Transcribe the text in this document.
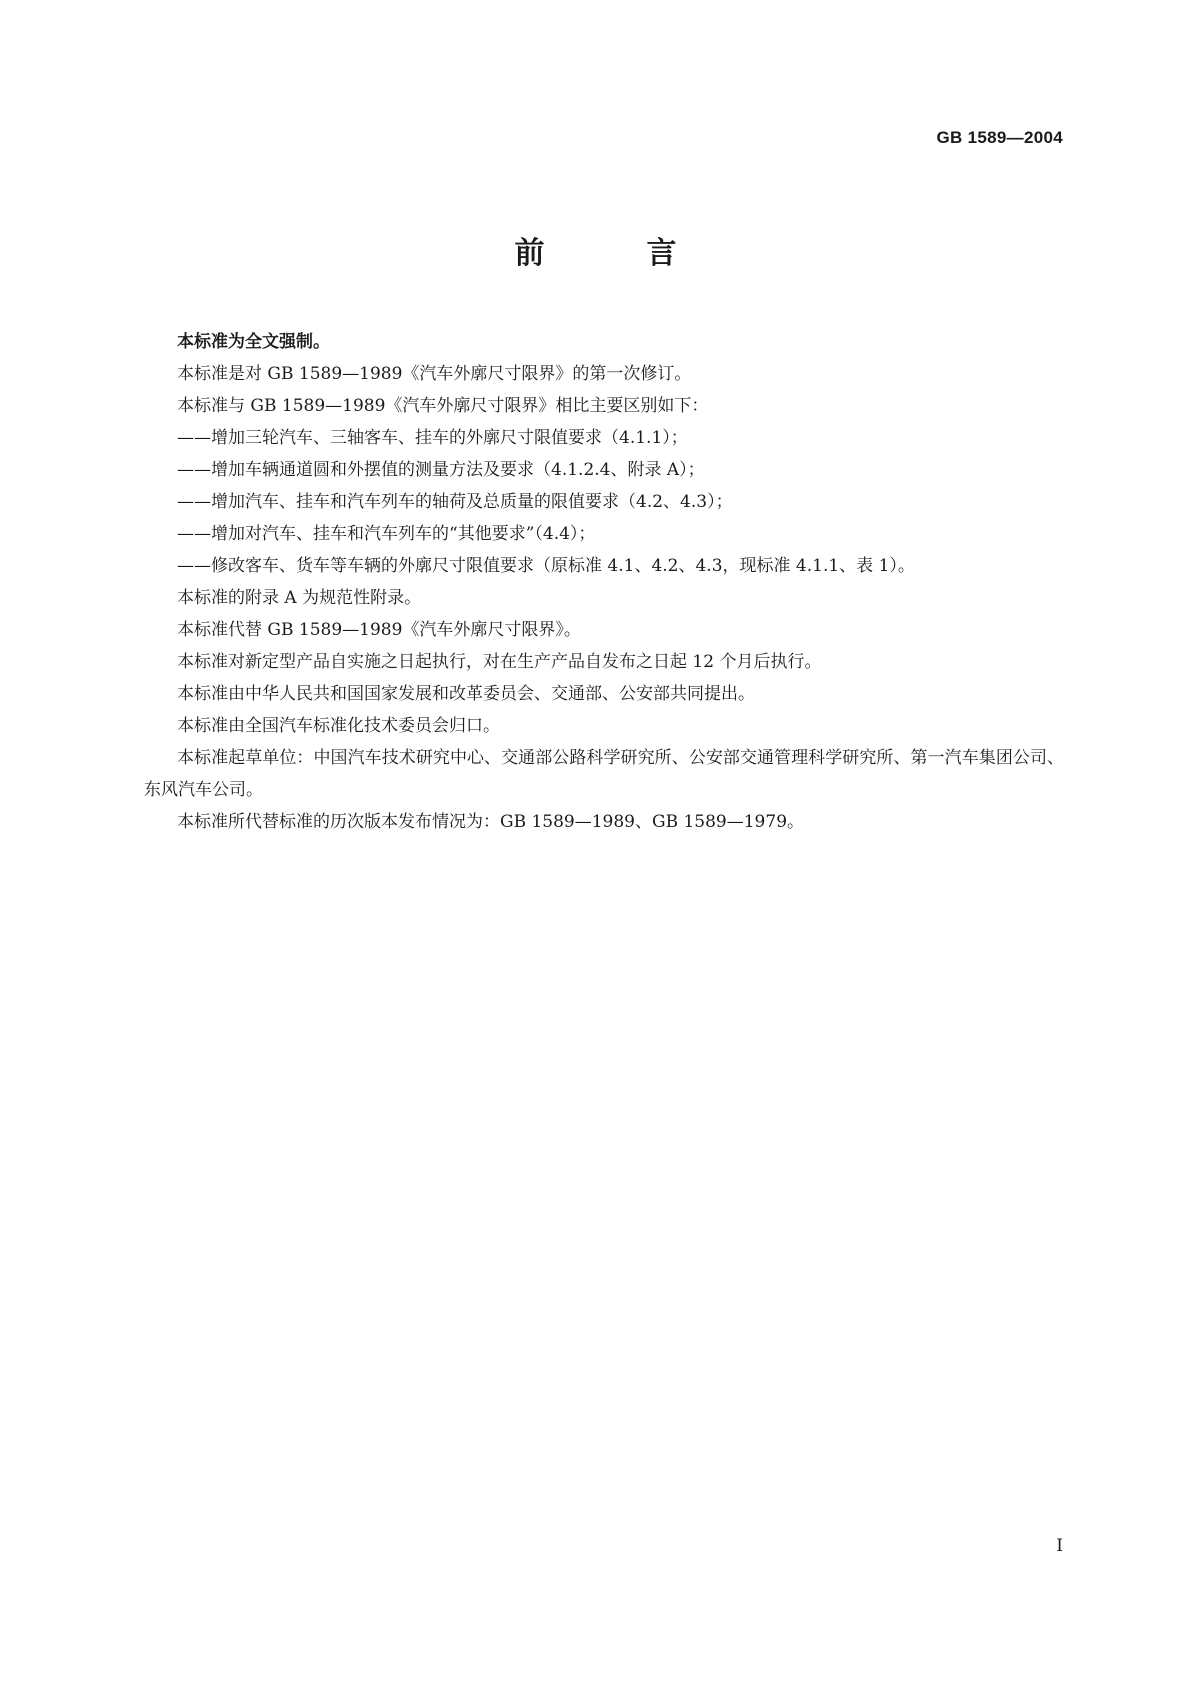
GB 1589—2004

前　言

本标准为全文强制。

本标准是对 GB 1589—1989《汽车外廓尺寸限界》的第一次修订。

本标准与 GB 1589—1989《汽车外廓尺寸限界》相比主要区别如下：

——增加三轮汽车、三轴客车、挂车的外廓尺寸限值要求（4.1.1）；

——增加车辆通道圆和外摆值的测量方法及要求（4.1.2.4、附录 A）；

——增加汽车、挂车和汽车列车的轴荷及总质量的限值要求（4.2、4.3）；

——增加对汽车、挂车和汽车列车的“其他要求”（4.4）；

——修改客车、货车等车辆的外廓尺寸限值要求（原标准 4.1、4.2、4.3，现标准 4.1.1、表 1）。

本标准的附录 A 为规范性附录。

本标准代替 GB 1589—1989《汽车外廓尺寸限界》。

本标准对新定型产品自实施之日起执行，对在生产产品自发布之日起 12 个月后执行。

本标准由中华人民共和国国家发展和改革委员会、交通部、公安部共同提出。

本标准由全国汽车标准化技术委员会归口。

本标准起草单位：中国汽车技术研究中心、交通部公路科学研究所、公安部交通管理科学研究所、第一汽车集团公司、东风汽车公司。

本标准所代替标准的历次版本发布情况为：GB 1589—1989、GB 1589—1979。

I
